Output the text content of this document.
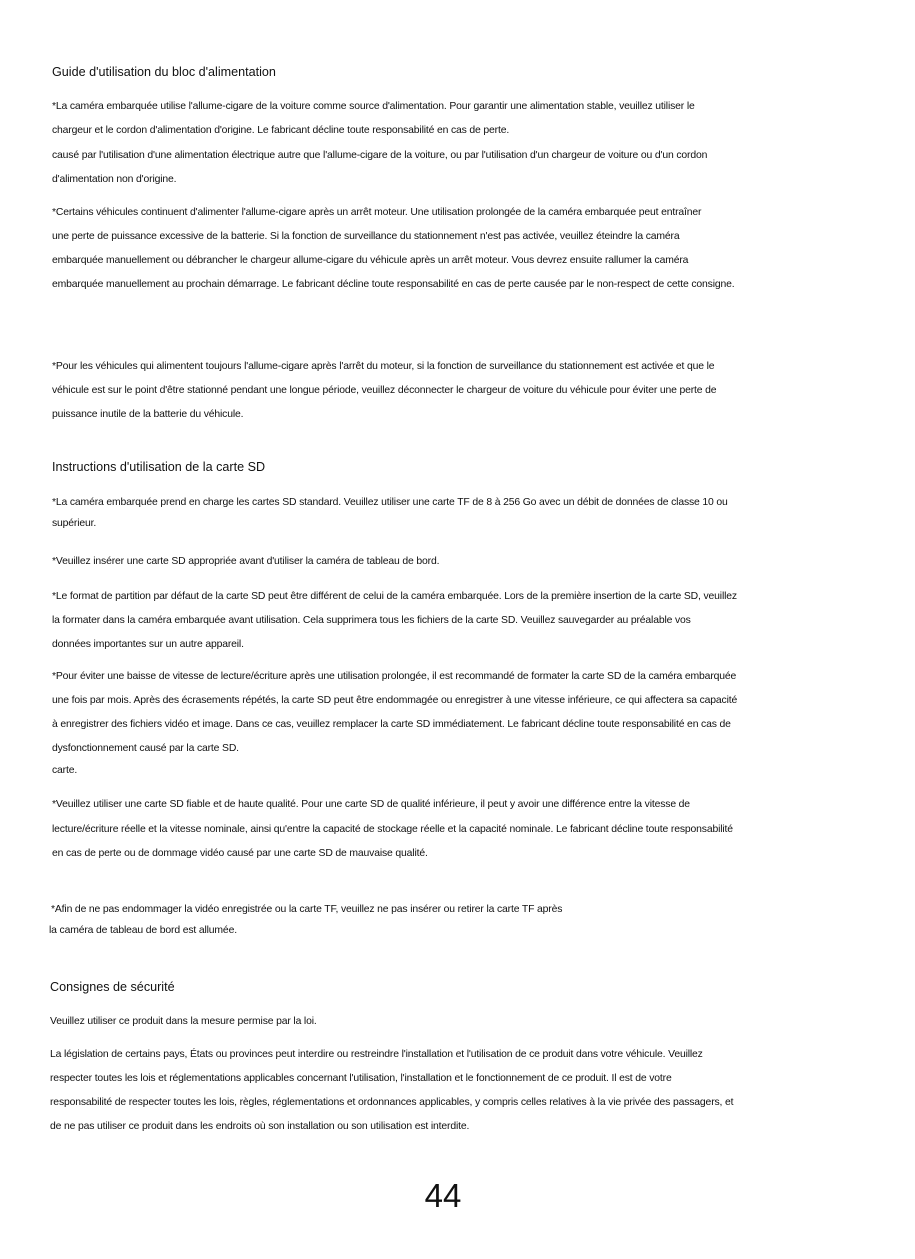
Guide d'utilisation du bloc d'alimentation
*La caméra embarquée utilise l'allume-cigare de la voiture comme source d'alimentation. Pour garantir une alimentation stable, veuillez utiliser le
chargeur et le cordon d'alimentation d'origine. Le fabricant décline toute responsabilité en cas de perte.
causé par l'utilisation d'une alimentation électrique autre que l'allume-cigare de la voiture, ou par l'utilisation d'un chargeur de voiture ou d'un cordon
d'alimentation non d'origine.
*Certains véhicules continuent d'alimenter l'allume-cigare après un arrêt moteur. Une utilisation prolongée de la caméra embarquée peut entraîner
une perte de puissance excessive de la batterie. Si la fonction de surveillance du stationnement n'est pas activée, veuillez éteindre la caméra
embarquée manuellement ou débrancher le chargeur allume-cigare du véhicule après un arrêt moteur. Vous devrez ensuite rallumer la caméra
embarquée manuellement au prochain démarrage. Le fabricant décline toute responsabilité en cas de perte causée par le non-respect de cette consigne.
*Pour les véhicules qui alimentent toujours l'allume-cigare après l'arrêt du moteur, si la fonction de surveillance du stationnement est activée et que le
véhicule est sur le point d'être stationné pendant une longue période, veuillez déconnecter le chargeur de voiture du véhicule pour éviter une perte de
puissance inutile de la batterie du véhicule.
Instructions d'utilisation de la carte SD
*La caméra embarquée prend en charge les cartes SD standard. Veuillez utiliser une carte TF de 8 à 256 Go avec un débit de données de classe 10 ou
supérieur.
*Veuillez insérer une carte SD appropriée avant d'utiliser la caméra de tableau de bord.
*Le format de partition par défaut de la carte SD peut être différent de celui de la caméra embarquée. Lors de la première insertion de la carte SD, veuillez
la formater dans la caméra embarquée avant utilisation. Cela supprimera tous les fichiers de la carte SD. Veuillez sauvegarder au préalable vos
données importantes sur un autre appareil.
*Pour éviter une baisse de vitesse de lecture/écriture après une utilisation prolongée, il est recommandé de formater la carte SD de la caméra embarquée
une fois par mois. Après des écrasements répétés, la carte SD peut être endommagée ou enregistrer à une vitesse inférieure, ce qui affectera sa capacité
à enregistrer des fichiers vidéo et image. Dans ce cas, veuillez remplacer la carte SD immédiatement. Le fabricant décline toute responsabilité en cas de
dysfonctionnement causé par la carte SD.
carte.
*Veuillez utiliser une carte SD fiable et de haute qualité. Pour une carte SD de qualité inférieure, il peut y avoir une différence entre la vitesse de
lecture/écriture réelle et la vitesse nominale, ainsi qu'entre la capacité de stockage réelle et la capacité nominale. Le fabricant décline toute responsabilité
en cas de perte ou de dommage vidéo causé par une carte SD de mauvaise qualité.
*Afin de ne pas endommager la vidéo enregistrée ou la carte TF, veuillez ne pas insérer ou retirer la carte TF après
la caméra de tableau de bord est allumée.
Consignes de sécurité
Veuillez utiliser ce produit dans la mesure permise par la loi.
La législation de certains pays, États ou provinces peut interdire ou restreindre l'installation et l'utilisation de ce produit dans votre véhicule. Veuillez
respecter toutes les lois et réglementations applicables concernant l'utilisation, l'installation et le fonctionnement de ce produit. Il est de votre
responsabilité de respecter toutes les lois, règles, réglementations et ordonnances applicables, y compris celles relatives à la vie privée des passagers, et
de ne pas utiliser ce produit dans les endroits où son installation ou son utilisation est interdite.
44
